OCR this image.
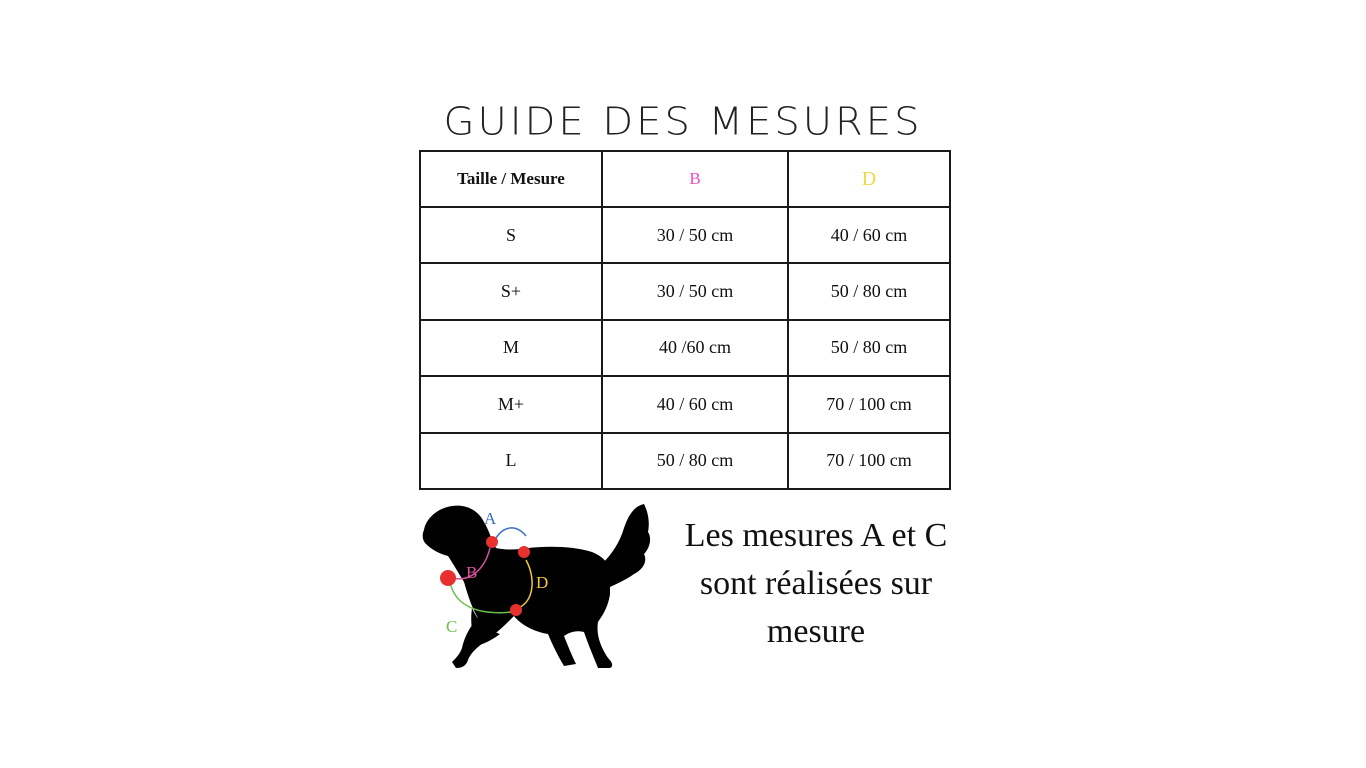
GUIDE DES MESURES
Taille / Mesure	B	D
S	30 / 50 cm	40 / 60 cm
S+	30 / 50 cm	50 / 80 cm
M	40 /60 cm	50 / 80 cm
M+	40 / 60 cm	70 / 100 cm
L	50 / 80 cm	70 / 100 cm
A
B
C
D
Les mesures A et C sont réalisées sur mesure
